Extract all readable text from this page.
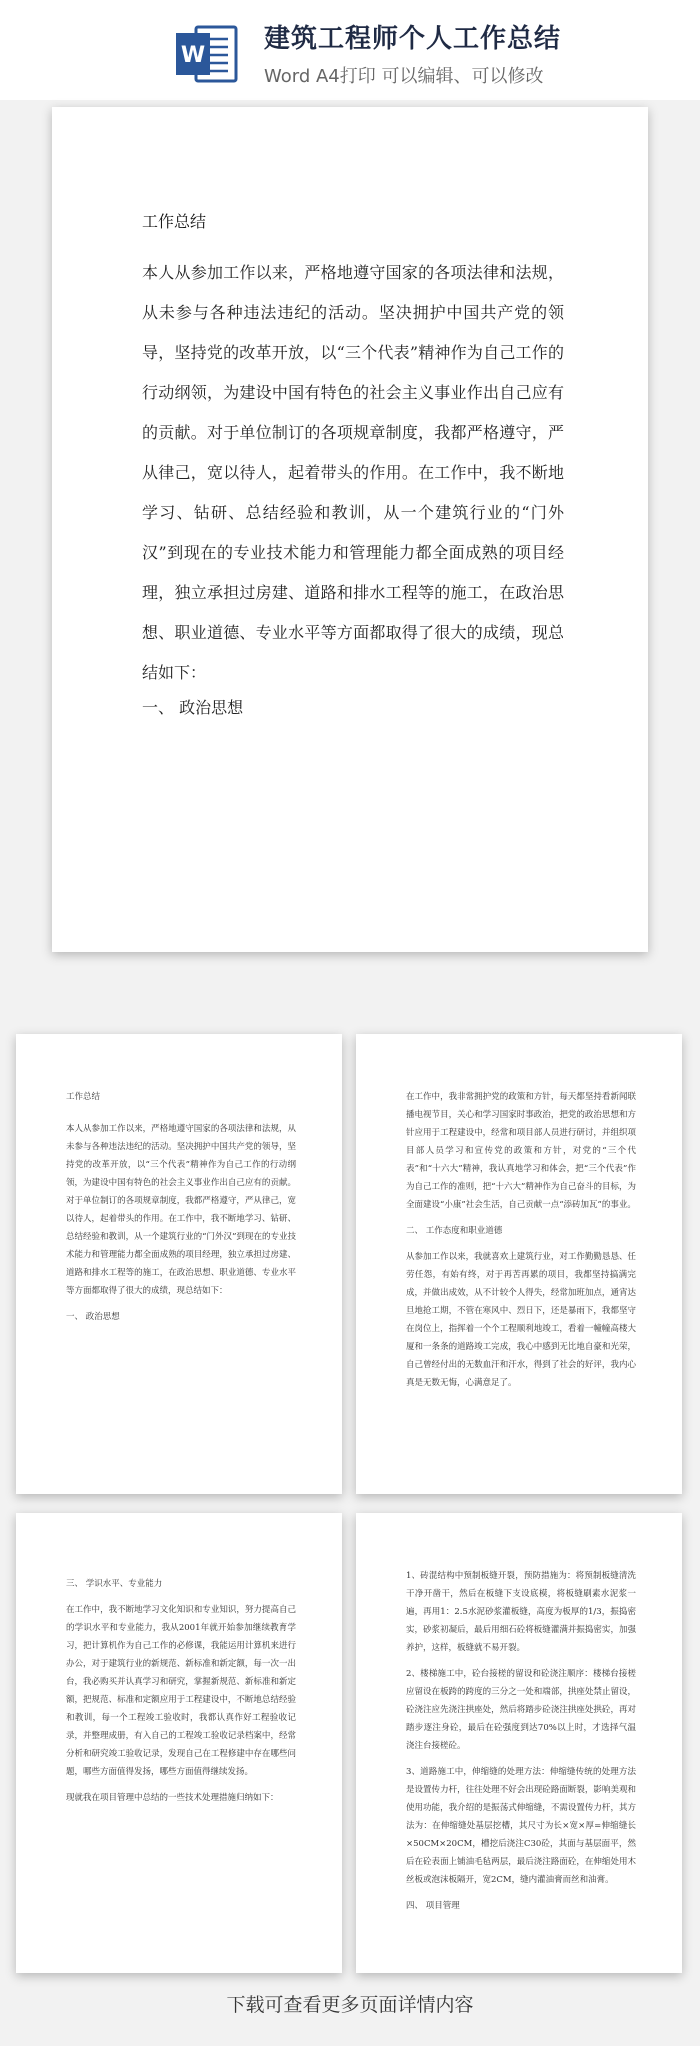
W
建筑工程师个人工作总结
Word A4打印 可以编辑、可以修改
工作总结
本人从参加工作以来，严格地遵守国家的各项法律和法规，从未参与各种违法违纪的活动。坚决拥护中国共产党的领导，坚持党的改革开放，以“三个代表”精神作为自己工作的行动纲领，为建设中国有特色的社会主义事业作出自己应有的贡献。对于单位制订的各项规章制度，我都严格遵守，严从律己，宽以待人，起着带头的作用。在工作中，我不断地学习、钻研、总结经验和教训，从一个建筑行业的“门外汉”到现在的专业技术能力和管理能力都全面成熟的项目经理，独立承担过房建、道路和排水工程等的施工，在政治思想、职业道德、专业水平等方面都取得了很大的成绩，现总结如下：
一、 政治思想

工作总结

本人从参加工作以来，严格地遵守国家的各项法律和法规，从未参与各种违法违纪的活动。坚决拥护中国共产党的领导，坚持党的改革开放，以“三个代表”精神作为自己工作的行动纲领，为建设中国有特色的社会主义事业作出自己应有的贡献。对于单位制订的各项规章制度，我都严格遵守，严从律己，宽以待人，起着带头的作用。在工作中，我不断地学习、钻研、总结经验和教训，从一个建筑行业的“门外汉”到现在的专业技术能力和管理能力都全面成熟的项目经理，独立承担过房建、道路和排水工程等的施工，在政治思想、职业道德、专业水平等方面都取得了很大的成绩，现总结如下：

一、 政治思想

在工作中，我非常拥护党的政策和方针，每天都坚持看新闻联播电视节目，关心和学习国家时事政治，把党的政治思想和方针应用于工程建设中，经常和项目部人员进行研讨，并组织项目部人员学习和宣传党的政策和方针，对党的“三个代表”和“十六大”精神，我认真地学习和体会，把“三个代表”作为自己工作的准则，把“十六大”精神作为自己奋斗的目标，为全面建设“小康”社会生活，自己贡献一点“添砖加瓦”的事业。

二、 工作态度和职业道德

从参加工作以来，我就喜欢上建筑行业，对工作勤勤恳恳、任劳任怨，有始有终，对于再苦再累的项目，我都坚持搞满完成，并做出成效，从不计较个人得失，经常加班加点，通宵达旦地抢工期，不管在寒风中、烈日下，还是暴雨下，我都坚守在岗位上，指挥着一个个工程顺利地竣工，看着一幢幢高楼大厦和一条条的道路竣工完成，我心中感到无比地自豪和光荣，自己曾经付出的无数血汗和汗水，得到了社会的好评，我内心真是无数无悔，心满意足了。

三、 学识水平、专业能力

在工作中，我不断地学习文化知识和专业知识，努力提高自己的学识水平和专业能力，我从2001年就开始参加继续教育学习，把计算机作为自己工作的必修课，我能运用计算机来进行办公，对于建筑行业的新规范、新标准和新定额，每一次一出台，我必购买并认真学习和研究，掌握新规范、新标准和新定额，把规范、标准和定额应用于工程建设中，不断地总结经验和教训，每一个工程竣工验收时，我都认真作好工程验收记录，并整理成册，有入自己的工程竣工验收记录档案中，经常分析和研究竣工验收记录，发现自己在工程修建中存在哪些问题，哪些方面值得发扬，哪些方面值得继续发扬。

现就我在项目管理中总结的一些技术处理措施归纳如下：

1、砖混结构中预制板缝开裂，预防措施为：将预制板缝清洗干净开凿干，然后在板缝下支设底模，将板缝刷素水泥浆一遍，再用1：2.5水泥砂浆灌板缝，高度为板厚的1/3，振捣密实，砂浆初凝后，最后用细石砼将板缝灌满并振捣密实，加强养护，这样，板缝就不易开裂。

2、楼梯施工中，砼台接槎的留设和砼浇注顺序：楼梯台接槎应留设在板跨的跨度的三分之一处和端部，拱座处禁止留设，砼浇注应先浇注拱座处，然后将踏步砼浇注拱座处拱砼，再对踏步逐注身砼，最后在砼强度到达70%以上时，才选择气温浇注台接槎砼。

3、道路施工中，伸缩缝的处理方法：伸缩缝传统的处理方法是设置传力杆，往往处理不好会出现砼路面断裂，影响美观和使用功能，我介绍的是振荡式伸缩缝，不需设置传力杆，其方法为：在伸缩缝处基层挖槽，其尺寸为长×宽×厚=伸缩缝长×50CM×20CM，槽挖后浇注C30砼，其面与基层面平，然后在砼表面上铺油毛毡两层，最后浇注路面砼，在伸缩处用木丝板或泡沫板隔开，宽2CM，缝内灌油膏而丝和油膏。

四、 项目管理

下载可查看更多页面详情内容
